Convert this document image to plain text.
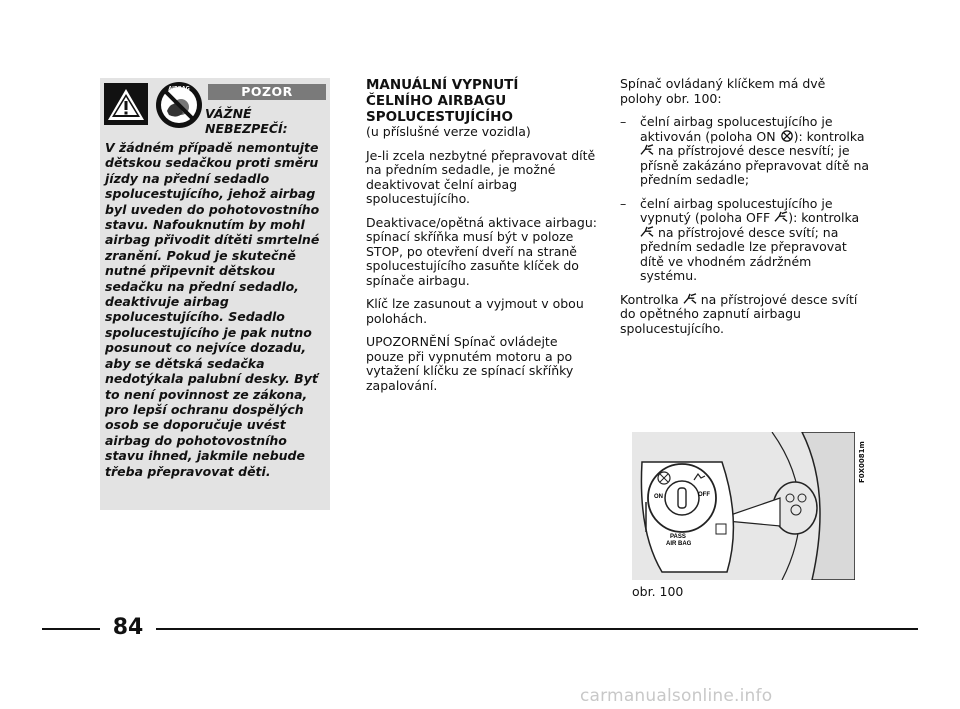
AIRBAG	POZOR
VÁŽNÉ
NEBEZPEČÍ:
V žádném případě nemontujte dětskou sedačkou proti směru jízdy na přední sedadlo spolucestujícího, jehož airbag byl uveden do pohotovostního stavu. Nafouknutím by mohl airbag přivodit dítěti smrtelné zranění. Pokud je skutečně nutné připevnit dětskou sedačku na přední sedadlo, deaktivuje airbag spolucestujícího. Sedadlo spolucestujícího je pak nutno posunout co nejvíce dozadu, aby se dětská sedačka nedotýkala palubní desky. Byť to není povinnost ze zákona, pro lepší ochranu dospělých osob se doporučuje uvést airbag do pohotovostního stavu ihned, jakmile nebude třeba přepravovat děti.
MANUÁLNÍ VYPNUTÍ
ČELNÍHO AIRBAGU
SPOLUCESTUJÍCÍHO

(u příslušné verze vozidla)

Je-li zcela nezbytné přepravovat dítě na předním sedadle, je možné deaktivovat čelní airbag spolucestujícího.

Deaktivace/opětná aktivace airbagu: spínací skříňka musí být v poloze STOP, po otevření dveří na straně spolucestujícího zasuňte klíček do spínače airbagu.

Klíč lze zasunout a vyjmout v obou polohách.

UPOZORNĚNÍ Spínač ovládejte pouze při vypnutém motoru a po vytažení klíčku ze spínací skříňky zapalování.

Spínač ovládaný klíčkem má dvě polohy obr. 100:

– čelní airbag spolucestujícího je aktivován (poloha ON ): kontrolka  na přístrojové desce nesvítí; je přísně zakázáno přepravovat dítě na předním sedadle;
– čelní airbag spolucestujícího je vypnutý (poloha OFF ): kontrolka  na přístrojové desce svítí; na předním sedadle lze přepravovat dítě ve vhodném zádržném systému.

Kontrolka na přístrojové desce svítí do opětného zapnutí airbagu spolucestujícího.

ON	OFF
PASS
AIR BAG
F0X0081m
obr. 100
84
carmanualsonline.info
